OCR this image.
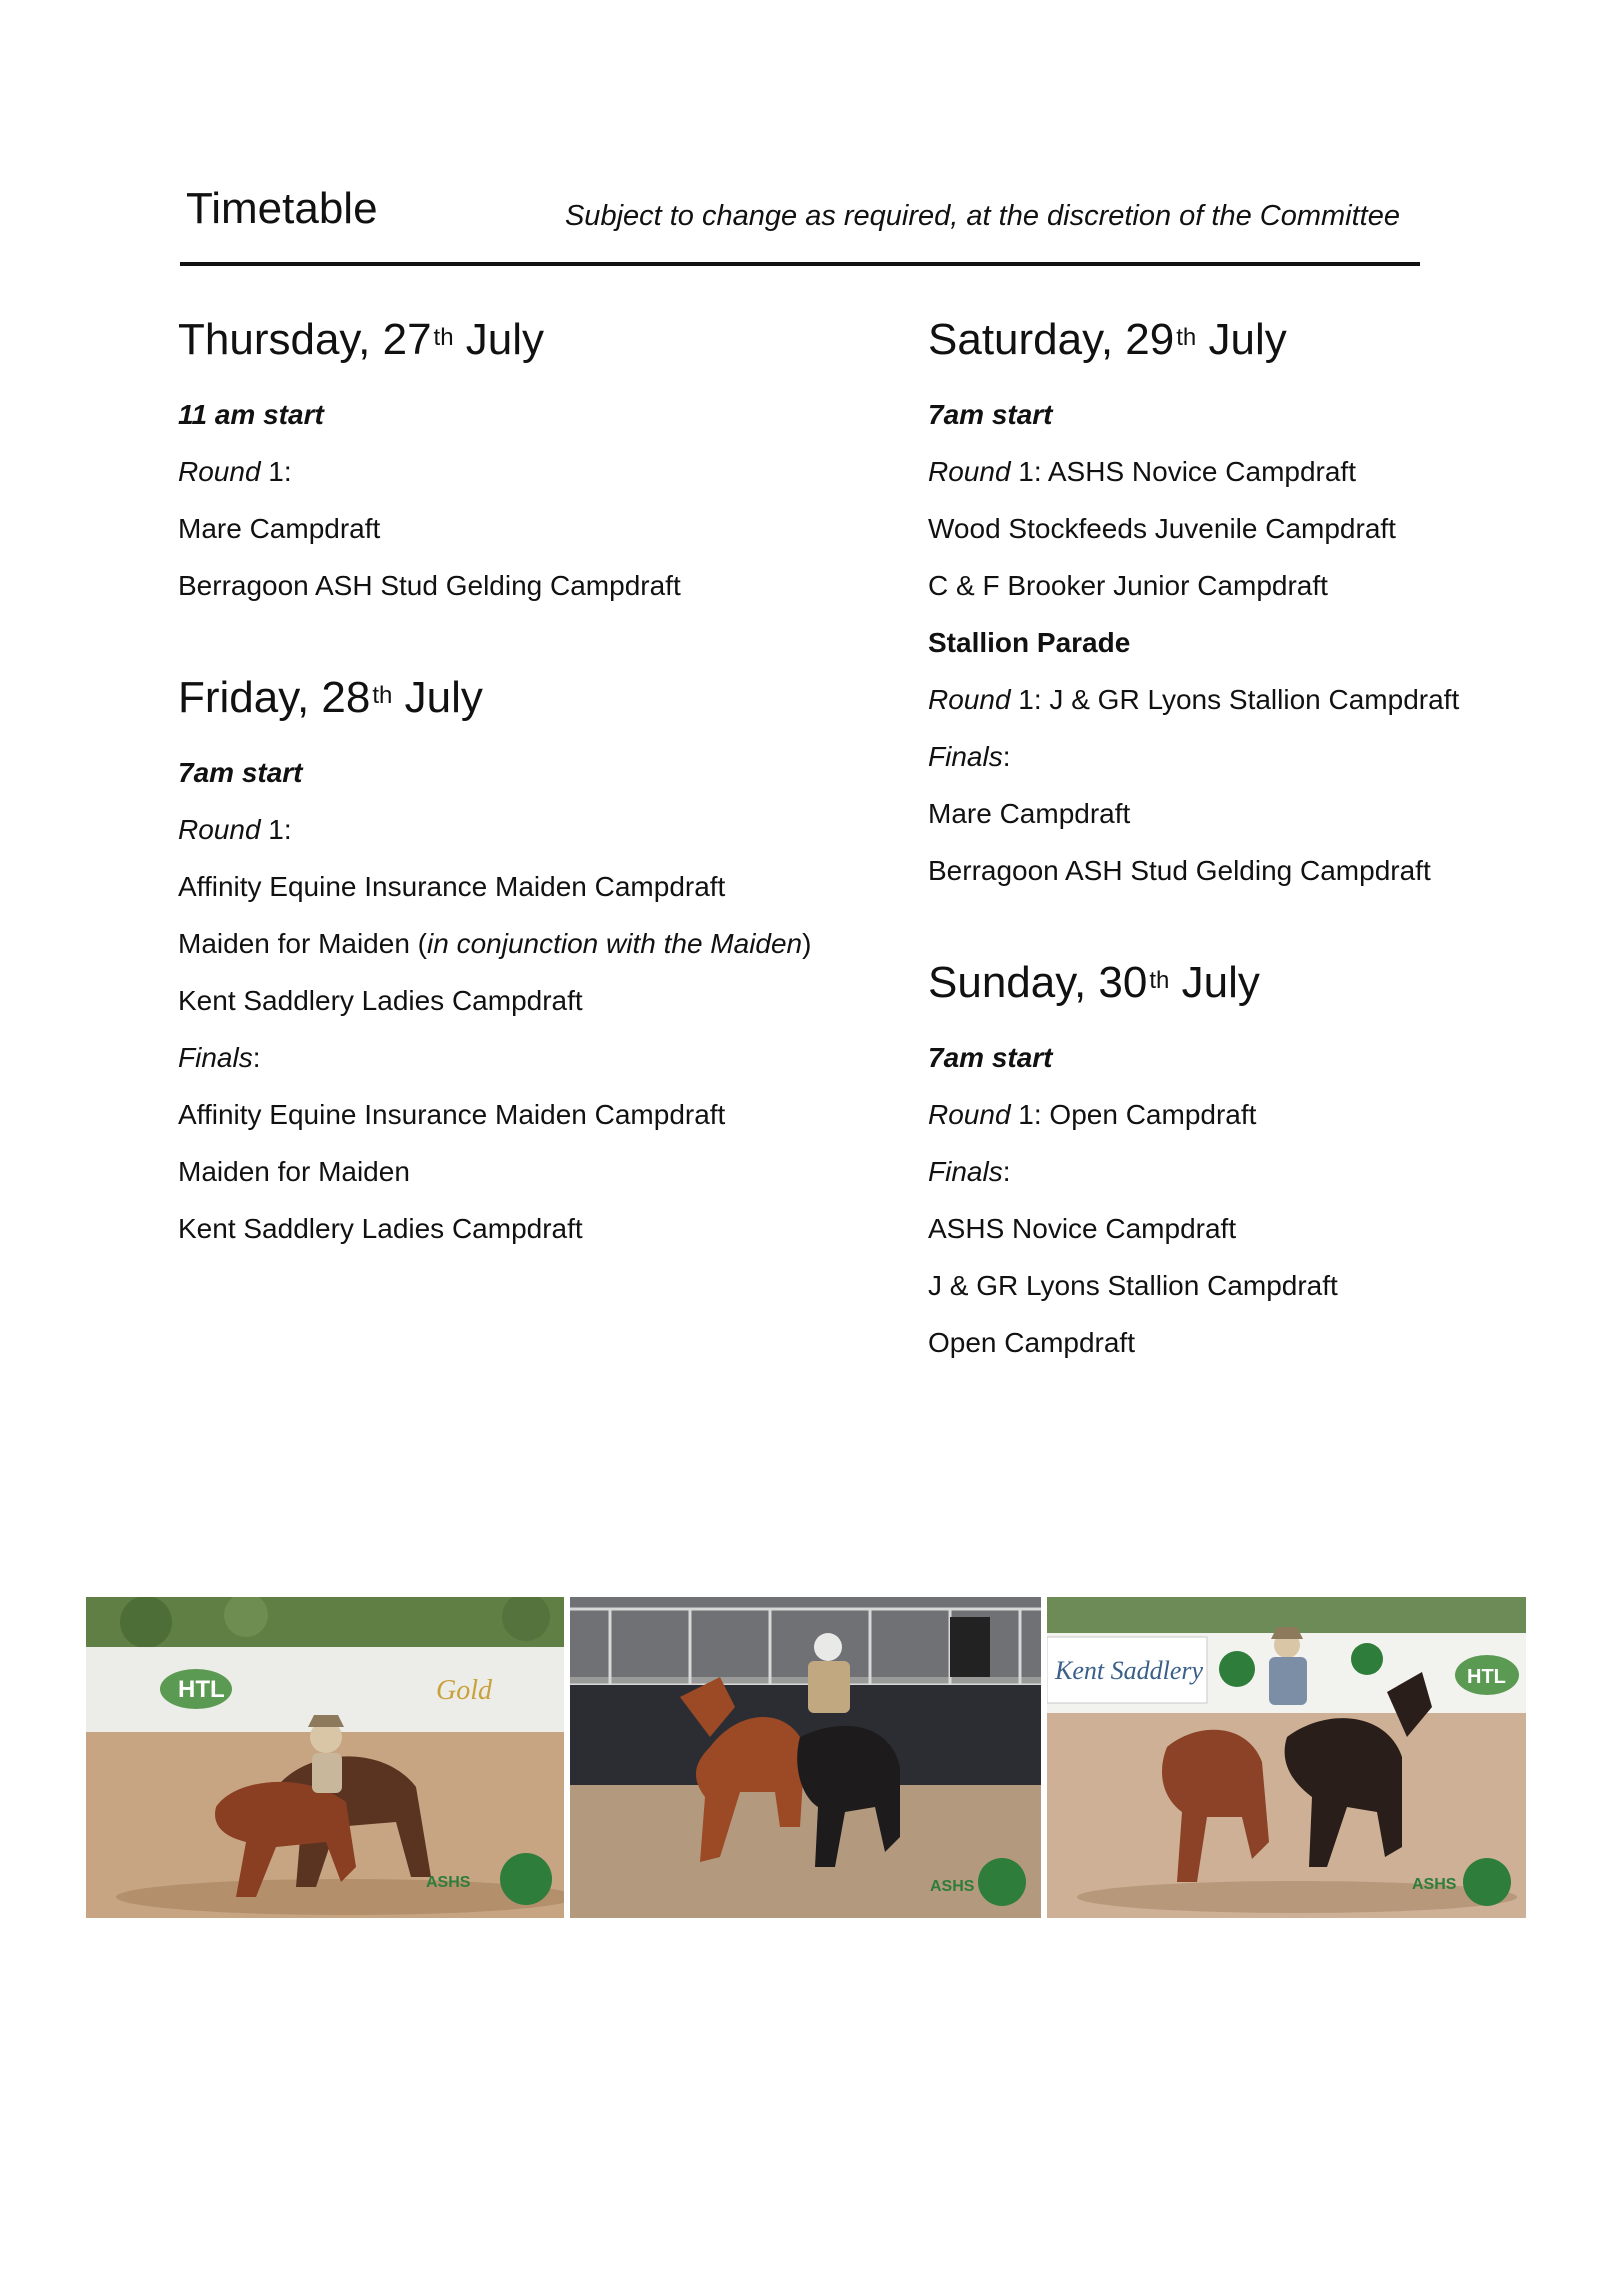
Timetable	Subject to change as required, at the discretion of the Committee
Thursday, 27th July
11 am start
Round 1:
Mare Campdraft
Berragoon ASH Stud Gelding Campdraft
Friday, 28th July
7am start
Round 1:
Affinity Equine Insurance Maiden Campdraft
Maiden for Maiden (in conjunction with the Maiden)
Kent Saddlery Ladies Campdraft
Finals:
Affinity Equine Insurance Maiden Campdraft
Maiden for Maiden
Kent Saddlery Ladies Campdraft
Saturday, 29th July
7am start
Round 1: ASHS Novice Campdraft
Wood Stockfeeds Juvenile Campdraft
C & F Brooker Junior Campdraft
Stallion Parade
Round 1: J & GR Lyons Stallion Campdraft
Finals:
Mare Campdraft
Berragoon ASH Stud Gelding Campdraft
Sunday, 30th July
7am start
Round 1: Open Campdraft
Finals:
ASHS Novice Campdraft
J & GR Lyons Stallion Campdraft
Open Campdraft
HTL	Gold
ASHS	ASHS
Kent Saddlery	HTL
ASHS
